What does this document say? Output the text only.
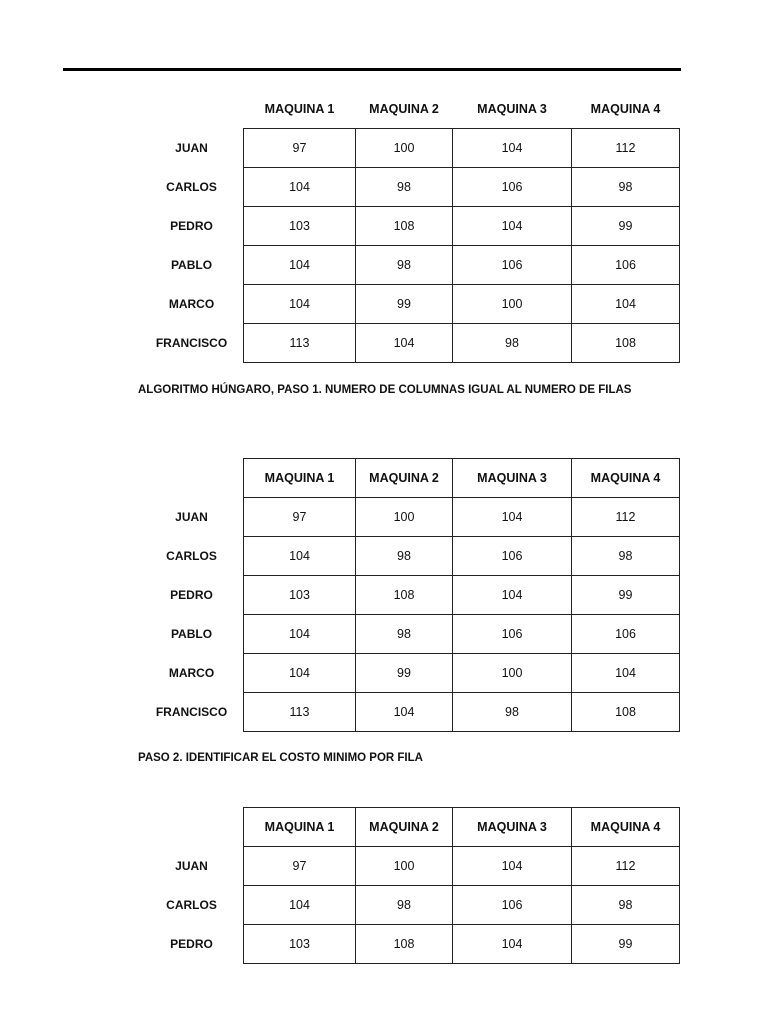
	MAQUINA 1	MAQUINA 2	MAQUINA 3	MAQUINA 4
JUAN	97	100	104	112
CARLOS	104	98	106	98
PEDRO	103	108	104	99
PABLO	104	98	106	106
MARCO	104	99	100	104
FRANCISCO	113	104	98	108
ALGORITMO HÚNGARO, PASO 1. NUMERO DE COLUMNAS IGUAL AL NUMERO DE FILAS
	MAQUINA 1	MAQUINA 2	MAQUINA 3	MAQUINA 4
JUAN	97	100	104	112
CARLOS	104	98	106	98
PEDRO	103	108	104	99
PABLO	104	98	106	106
MARCO	104	99	100	104
FRANCISCO	113	104	98	108
PASO 2. IDENTIFICAR EL COSTO MINIMO POR FILA
	MAQUINA 1	MAQUINA 2	MAQUINA 3	MAQUINA 4
JUAN	97	100	104	112
CARLOS	104	98	106	98
PEDRO	103	108	104	99
